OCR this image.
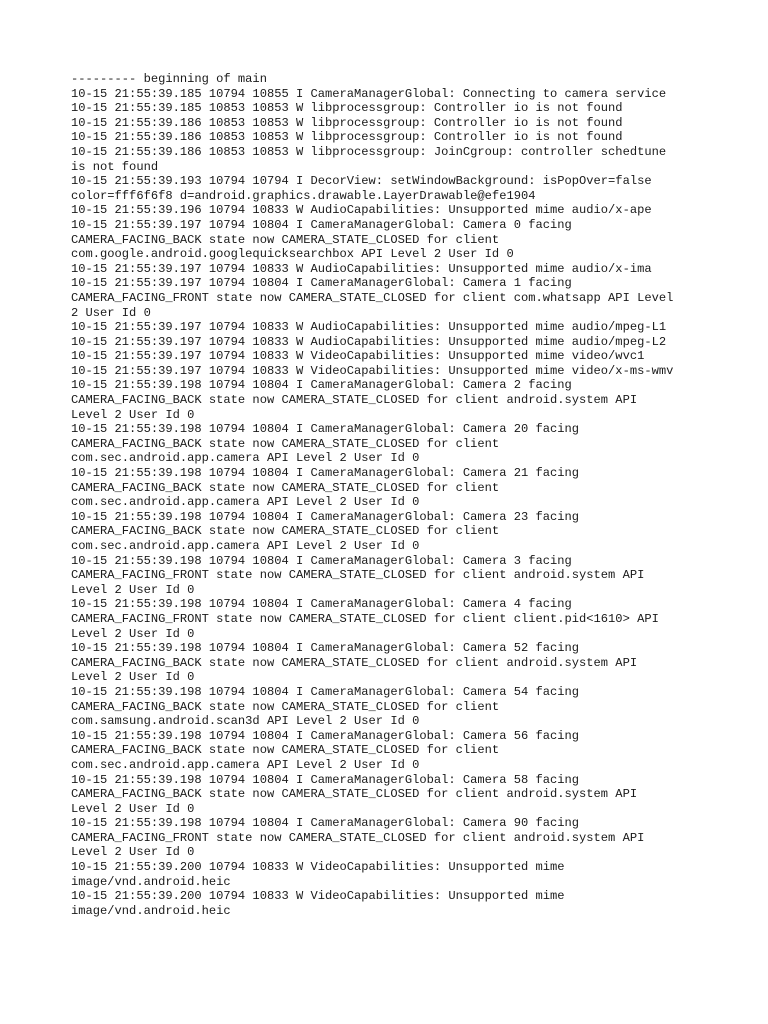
--------- beginning of main
10-15 21:55:39.185 10794 10855 I CameraManagerGlobal: Connecting to camera service
10-15 21:55:39.185 10853 10853 W libprocessgroup: Controller io is not found
10-15 21:55:39.186 10853 10853 W libprocessgroup: Controller io is not found
10-15 21:55:39.186 10853 10853 W libprocessgroup: Controller io is not found
10-15 21:55:39.186 10853 10853 W libprocessgroup: JoinCgroup: controller schedtune
is not found
10-15 21:55:39.193 10794 10794 I DecorView: setWindowBackground: isPopOver=false
color=fff6f6f8 d=android.graphics.drawable.LayerDrawable@efe1904
10-15 21:55:39.196 10794 10833 W AudioCapabilities: Unsupported mime audio/x-ape
10-15 21:55:39.197 10794 10804 I CameraManagerGlobal: Camera 0 facing
CAMERA_FACING_BACK state now CAMERA_STATE_CLOSED for client
com.google.android.googlequicksearchbox API Level 2 User Id 0
10-15 21:55:39.197 10794 10833 W AudioCapabilities: Unsupported mime audio/x-ima
10-15 21:55:39.197 10794 10804 I CameraManagerGlobal: Camera 1 facing
CAMERA_FACING_FRONT state now CAMERA_STATE_CLOSED for client com.whatsapp API Level
2 User Id 0
10-15 21:55:39.197 10794 10833 W AudioCapabilities: Unsupported mime audio/mpeg-L1
10-15 21:55:39.197 10794 10833 W AudioCapabilities: Unsupported mime audio/mpeg-L2
10-15 21:55:39.197 10794 10833 W VideoCapabilities: Unsupported mime video/wvc1
10-15 21:55:39.197 10794 10833 W VideoCapabilities: Unsupported mime video/x-ms-wmv
10-15 21:55:39.198 10794 10804 I CameraManagerGlobal: Camera 2 facing
CAMERA_FACING_BACK state now CAMERA_STATE_CLOSED for client android.system API
Level 2 User Id 0
10-15 21:55:39.198 10794 10804 I CameraManagerGlobal: Camera 20 facing
CAMERA_FACING_BACK state now CAMERA_STATE_CLOSED for client
com.sec.android.app.camera API Level 2 User Id 0
10-15 21:55:39.198 10794 10804 I CameraManagerGlobal: Camera 21 facing
CAMERA_FACING_BACK state now CAMERA_STATE_CLOSED for client
com.sec.android.app.camera API Level 2 User Id 0
10-15 21:55:39.198 10794 10804 I CameraManagerGlobal: Camera 23 facing
CAMERA_FACING_BACK state now CAMERA_STATE_CLOSED for client
com.sec.android.app.camera API Level 2 User Id 0
10-15 21:55:39.198 10794 10804 I CameraManagerGlobal: Camera 3 facing
CAMERA_FACING_FRONT state now CAMERA_STATE_CLOSED for client android.system API
Level 2 User Id 0
10-15 21:55:39.198 10794 10804 I CameraManagerGlobal: Camera 4 facing
CAMERA_FACING_FRONT state now CAMERA_STATE_CLOSED for client client.pid<1610> API
Level 2 User Id 0
10-15 21:55:39.198 10794 10804 I CameraManagerGlobal: Camera 52 facing
CAMERA_FACING_BACK state now CAMERA_STATE_CLOSED for client android.system API
Level 2 User Id 0
10-15 21:55:39.198 10794 10804 I CameraManagerGlobal: Camera 54 facing
CAMERA_FACING_BACK state now CAMERA_STATE_CLOSED for client
com.samsung.android.scan3d API Level 2 User Id 0
10-15 21:55:39.198 10794 10804 I CameraManagerGlobal: Camera 56 facing
CAMERA_FACING_BACK state now CAMERA_STATE_CLOSED for client
com.sec.android.app.camera API Level 2 User Id 0
10-15 21:55:39.198 10794 10804 I CameraManagerGlobal: Camera 58 facing
CAMERA_FACING_BACK state now CAMERA_STATE_CLOSED for client android.system API
Level 2 User Id 0
10-15 21:55:39.198 10794 10804 I CameraManagerGlobal: Camera 90 facing
CAMERA_FACING_FRONT state now CAMERA_STATE_CLOSED for client android.system API
Level 2 User Id 0
10-15 21:55:39.200 10794 10833 W VideoCapabilities: Unsupported mime
image/vnd.android.heic
10-15 21:55:39.200 10794 10833 W VideoCapabilities: Unsupported mime
image/vnd.android.heic
